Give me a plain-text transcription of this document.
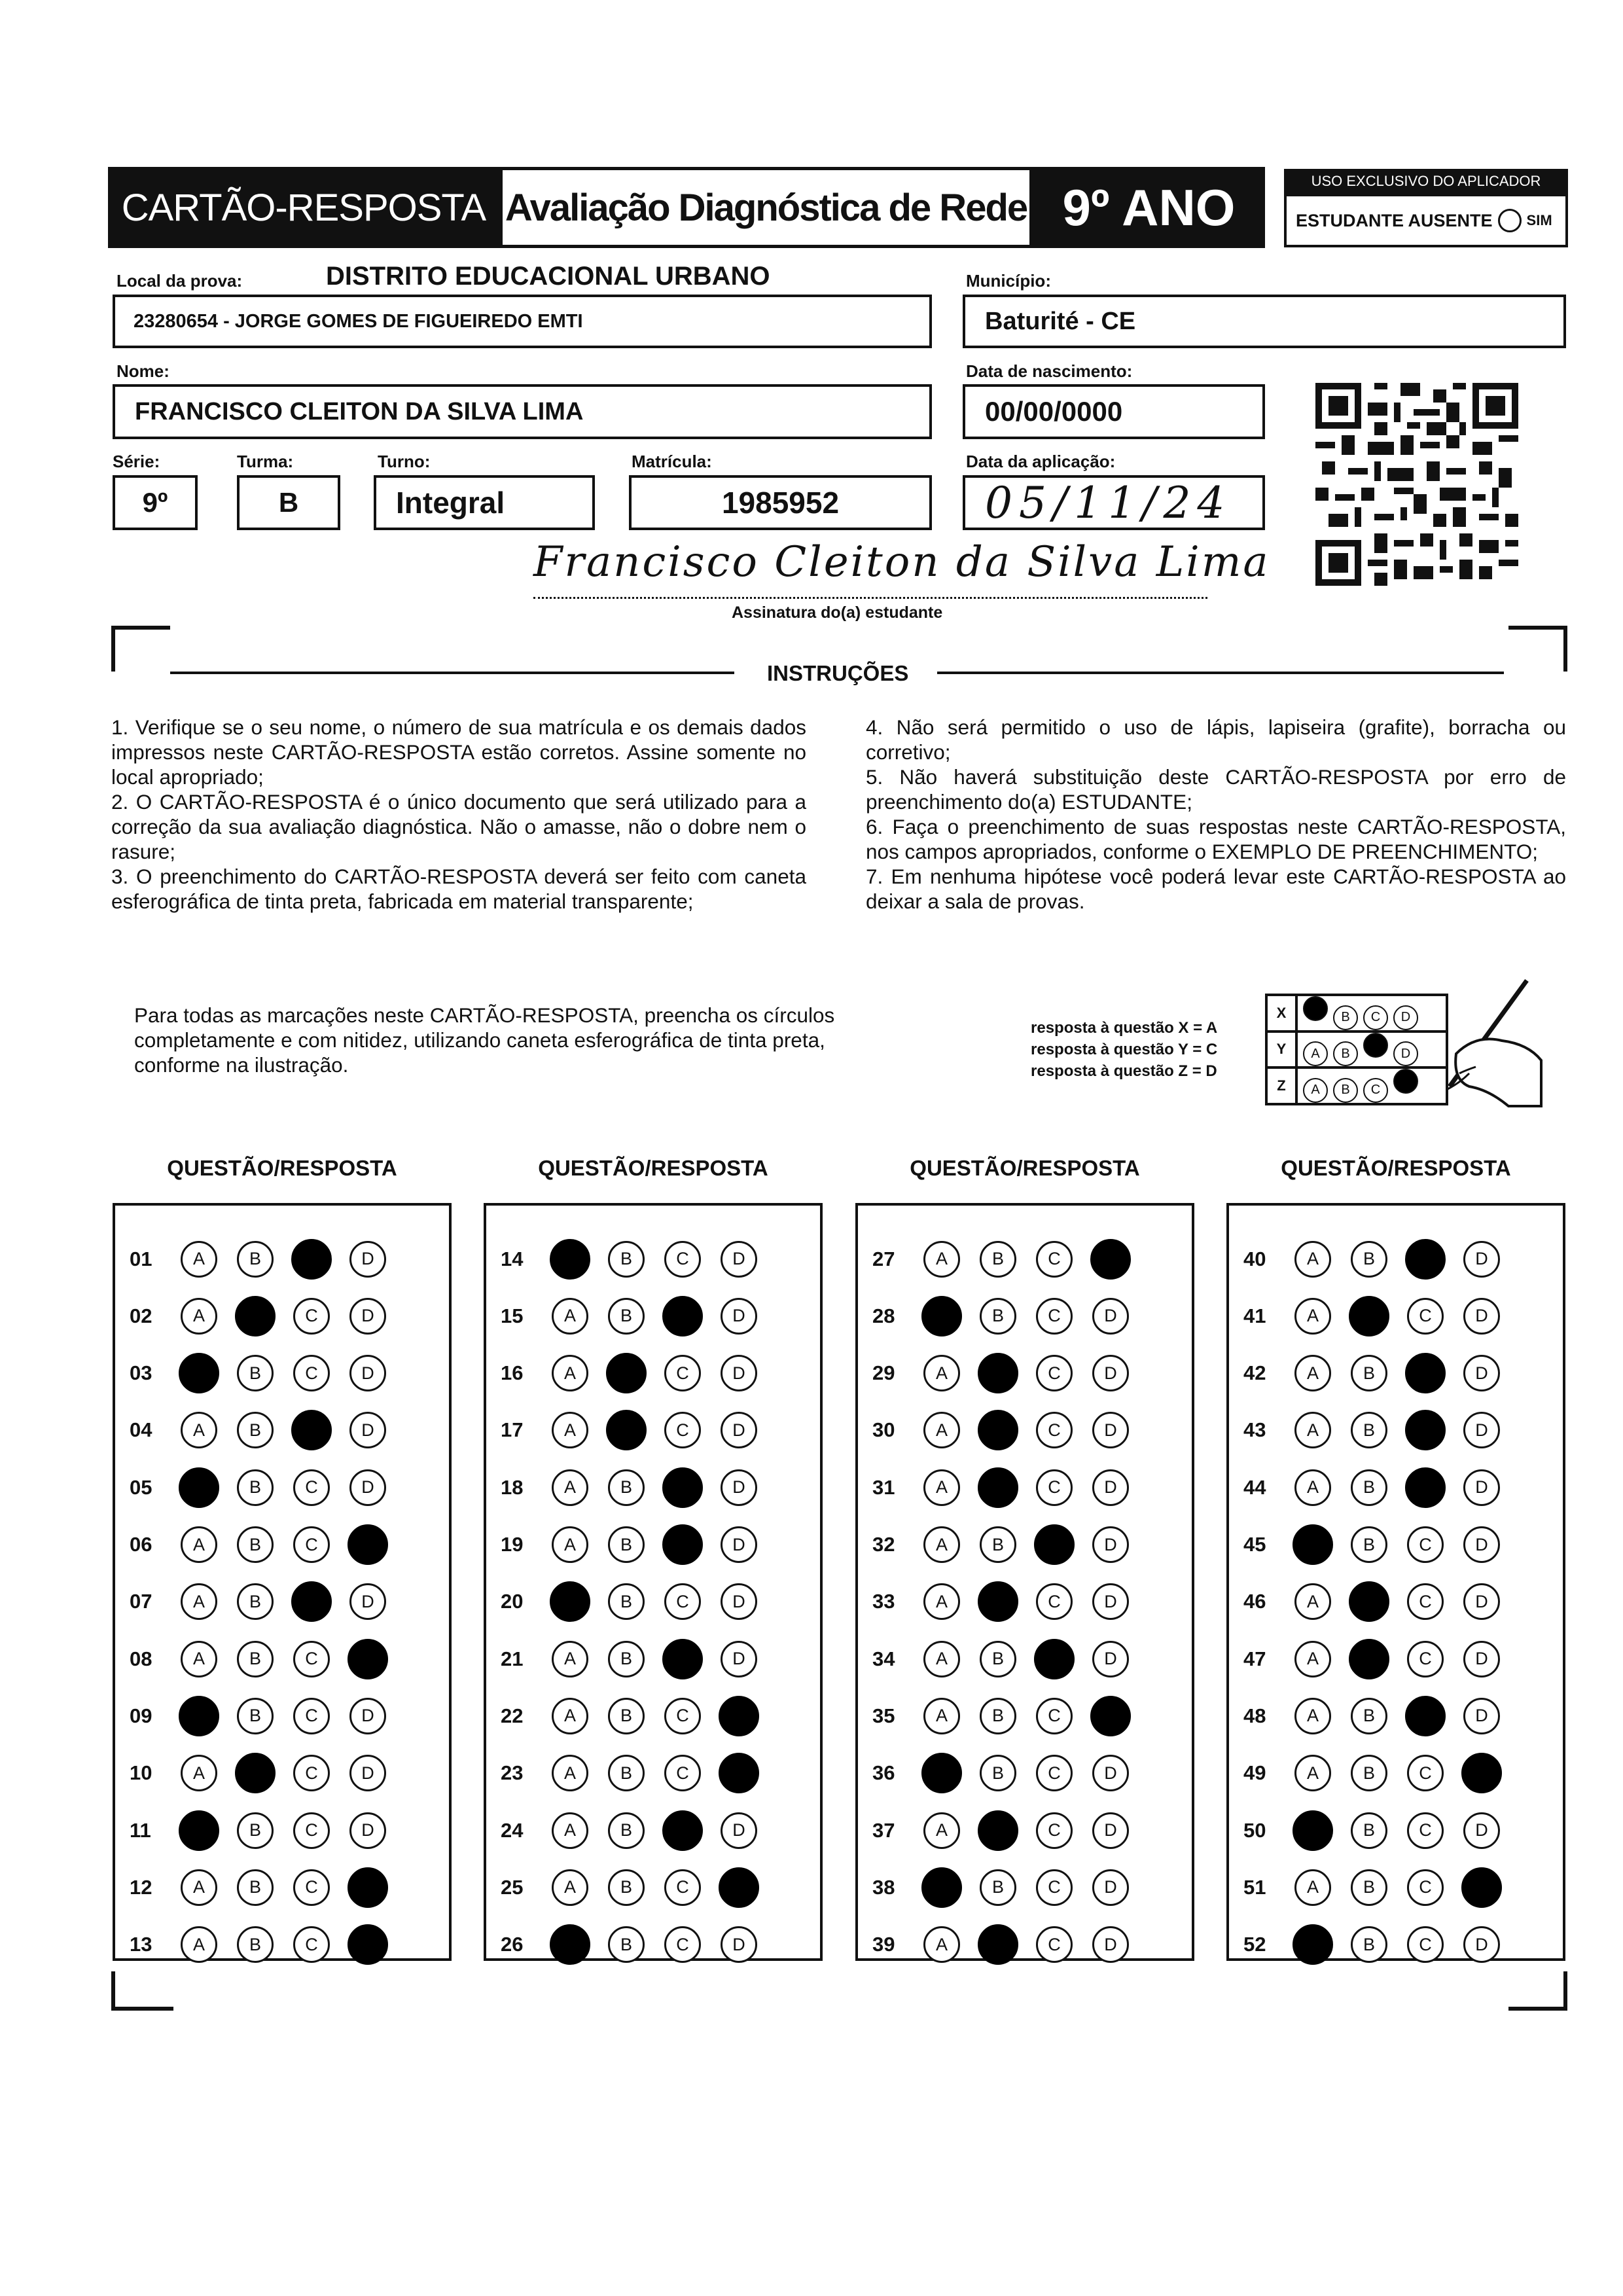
CARTÃO-RESPOSTA Avaliação Diagnóstica de Rede 9º ANO	USO EXCLUSIVO DO APLICADOR
ESTUDANTE AUSENTE SIM
Local da prova:	DISTRITO EDUCACIONAL URBANO
23280654 - JORGE GOMES DE FIGUEIREDO EMTI
Município:
Baturité - CE
Nome:
FRANCISCO CLEITON DA SILVA LIMA
Data de nascimento:
00/00/0000
Série:
9º
Turma:
B
Turno:
Integral
Matrícula:
1985952
Data da aplicação:
05/11/24
Francisco Cleiton da Silva Lima
Assinatura do(a) estudante
INSTRUÇÕES

1. Verifique se o seu nome, o número de sua matrícula e os demais dados impressos neste CARTÃO-RESPOSTA estão corretos. Assine somente no local apropriado;

2. O CARTÃO-RESPOSTA é o único documento que será utilizado para a correção da sua avaliação diagnóstica. Não o amasse, não o dobre nem o rasure;

3. O preenchimento do CARTÃO-RESPOSTA deverá ser feito com caneta esferográfica de tinta preta, fabricada em material transparente;

4. Não será permitido o uso de lápis, lapiseira (grafite), borracha ou corretivo;

5. Não haverá substituição deste CARTÃO-RESPOSTA por erro de preenchimento do(a) ESTUDANTE;

6. Faça o preenchimento de suas respostas neste CARTÃO-RESPOSTA, nos campos apropriados, conforme o EXEMPLO DE PREENCHIMENTO;

7. Em nenhuma hipótese você poderá levar este CARTÃO-RESPOSTA ao deixar a sala de provas.

Para todas as marcações neste CARTÃO-RESPOSTA, preencha os círculos completamente e com nitidez, utilizando caneta esferográfica de tinta preta, conforme na ilustração.
resposta à questão X = A
resposta à questão Y = C
resposta à questão Z = D
X	B C D

Y	A B D

Z	A B C
QUESTÃO/RESPOSTA
01	A	B	D
02	A	C D
03	B C D
04	A	B	D
05	B C D
06	A	B C
07	A	B	D
08	A	B C
09	B C D
10	A	C D
11	B C D
12	A	B C
13	A	B C
QUESTÃO/RESPOSTA
14	B C D
15	A	B	D
16	A	C D
17	A	C D
18	A	B	D
19	A	B	D
20	B C D
21	A	B	D
22	A	B C
23	A	B C
24	A	B	D
25	A	B C
26	B C D
QUESTÃO/RESPOSTA
27	A	B C
28	B C D
29	A	C D
30	A	C D
31	A	C D
32	A	B	D
33	A	C D
34	A	B	D
35	A	B C
36	B C D
37	A	C D
38	B C D
39	A	C D
QUESTÃO/RESPOSTA
40	A	B	D
41	A	C D
42	A	B	D
43	A	B	D
44	A	B	D
45	B C D
46	A	C D
47	A	C D
48	A	B	D
49	A	B C
50	B C D
51	A	B C
52	B C D
